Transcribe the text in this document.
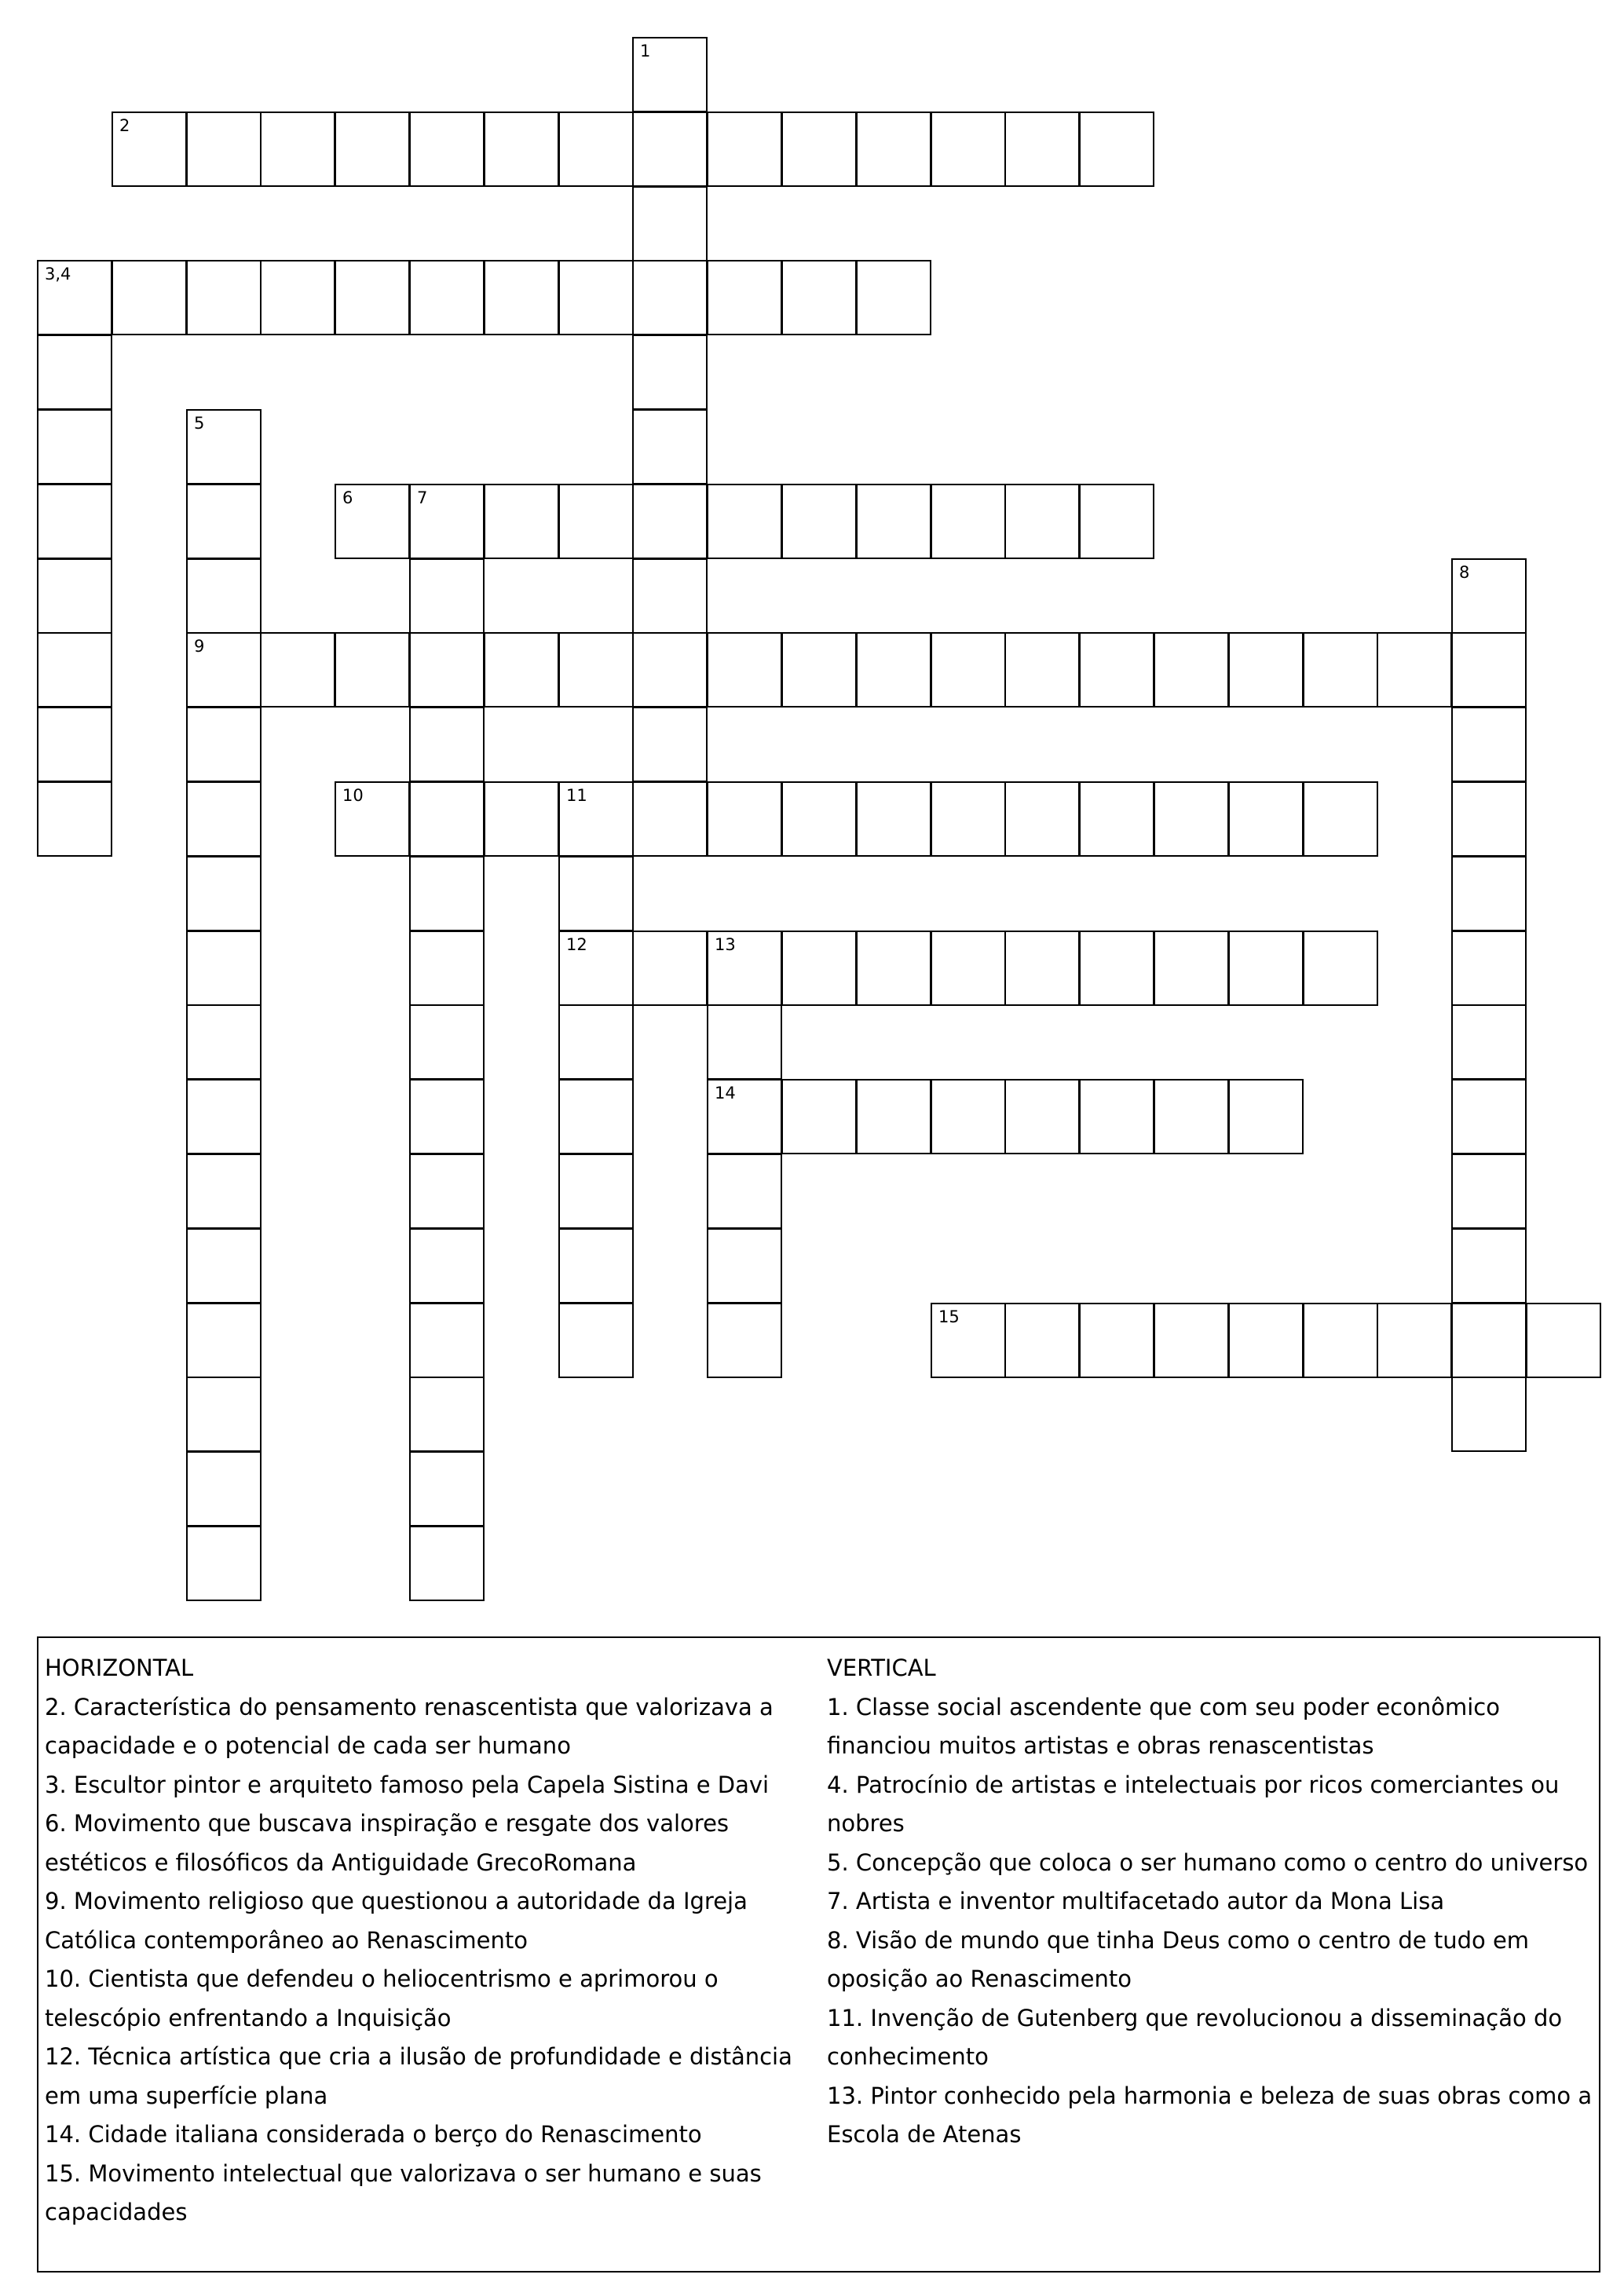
1
2
3,4
5
9
6	7
8
10	11
12	13
14
15
HORIZONTAL
2. Característica do pensamento renascentista que valorizava a capacidade e o potencial de cada ser humano
3. Escultor pintor e arquiteto famoso pela Capela Sistina e Davi
6. Movimento que buscava inspiração e resgate dos valores estéticos e filosóficos da Antiguidade GrecoRomana
9. Movimento religioso que questionou a autoridade da Igreja Católica contemporâneo ao Renascimento
10. Cientista que defendeu o heliocentrismo e aprimorou o telescópio enfrentando a Inquisição
12. Técnica artística que cria a ilusão de profundidade e distância em uma superfície plana
14. Cidade italiana considerada o berço do Renascimento
15. Movimento intelectual que valorizava o ser humano e suas capacidades
VERTICAL
1. Classe social ascendente que com seu poder econômico financiou muitos artistas e obras renascentistas
4. Patrocínio de artistas e intelectuais por ricos comerciantes ou nobres
5. Concepção que coloca o ser humano como o centro do universo
7. Artista e inventor multifacetado autor da Mona Lisa
8. Visão de mundo que tinha Deus como o centro de tudo em oposição ao Renascimento
11. Invenção de Gutenberg que revolucionou a disseminação do conhecimento
13. Pintor conhecido pela harmonia e beleza de suas obras como a Escola de Atenas
